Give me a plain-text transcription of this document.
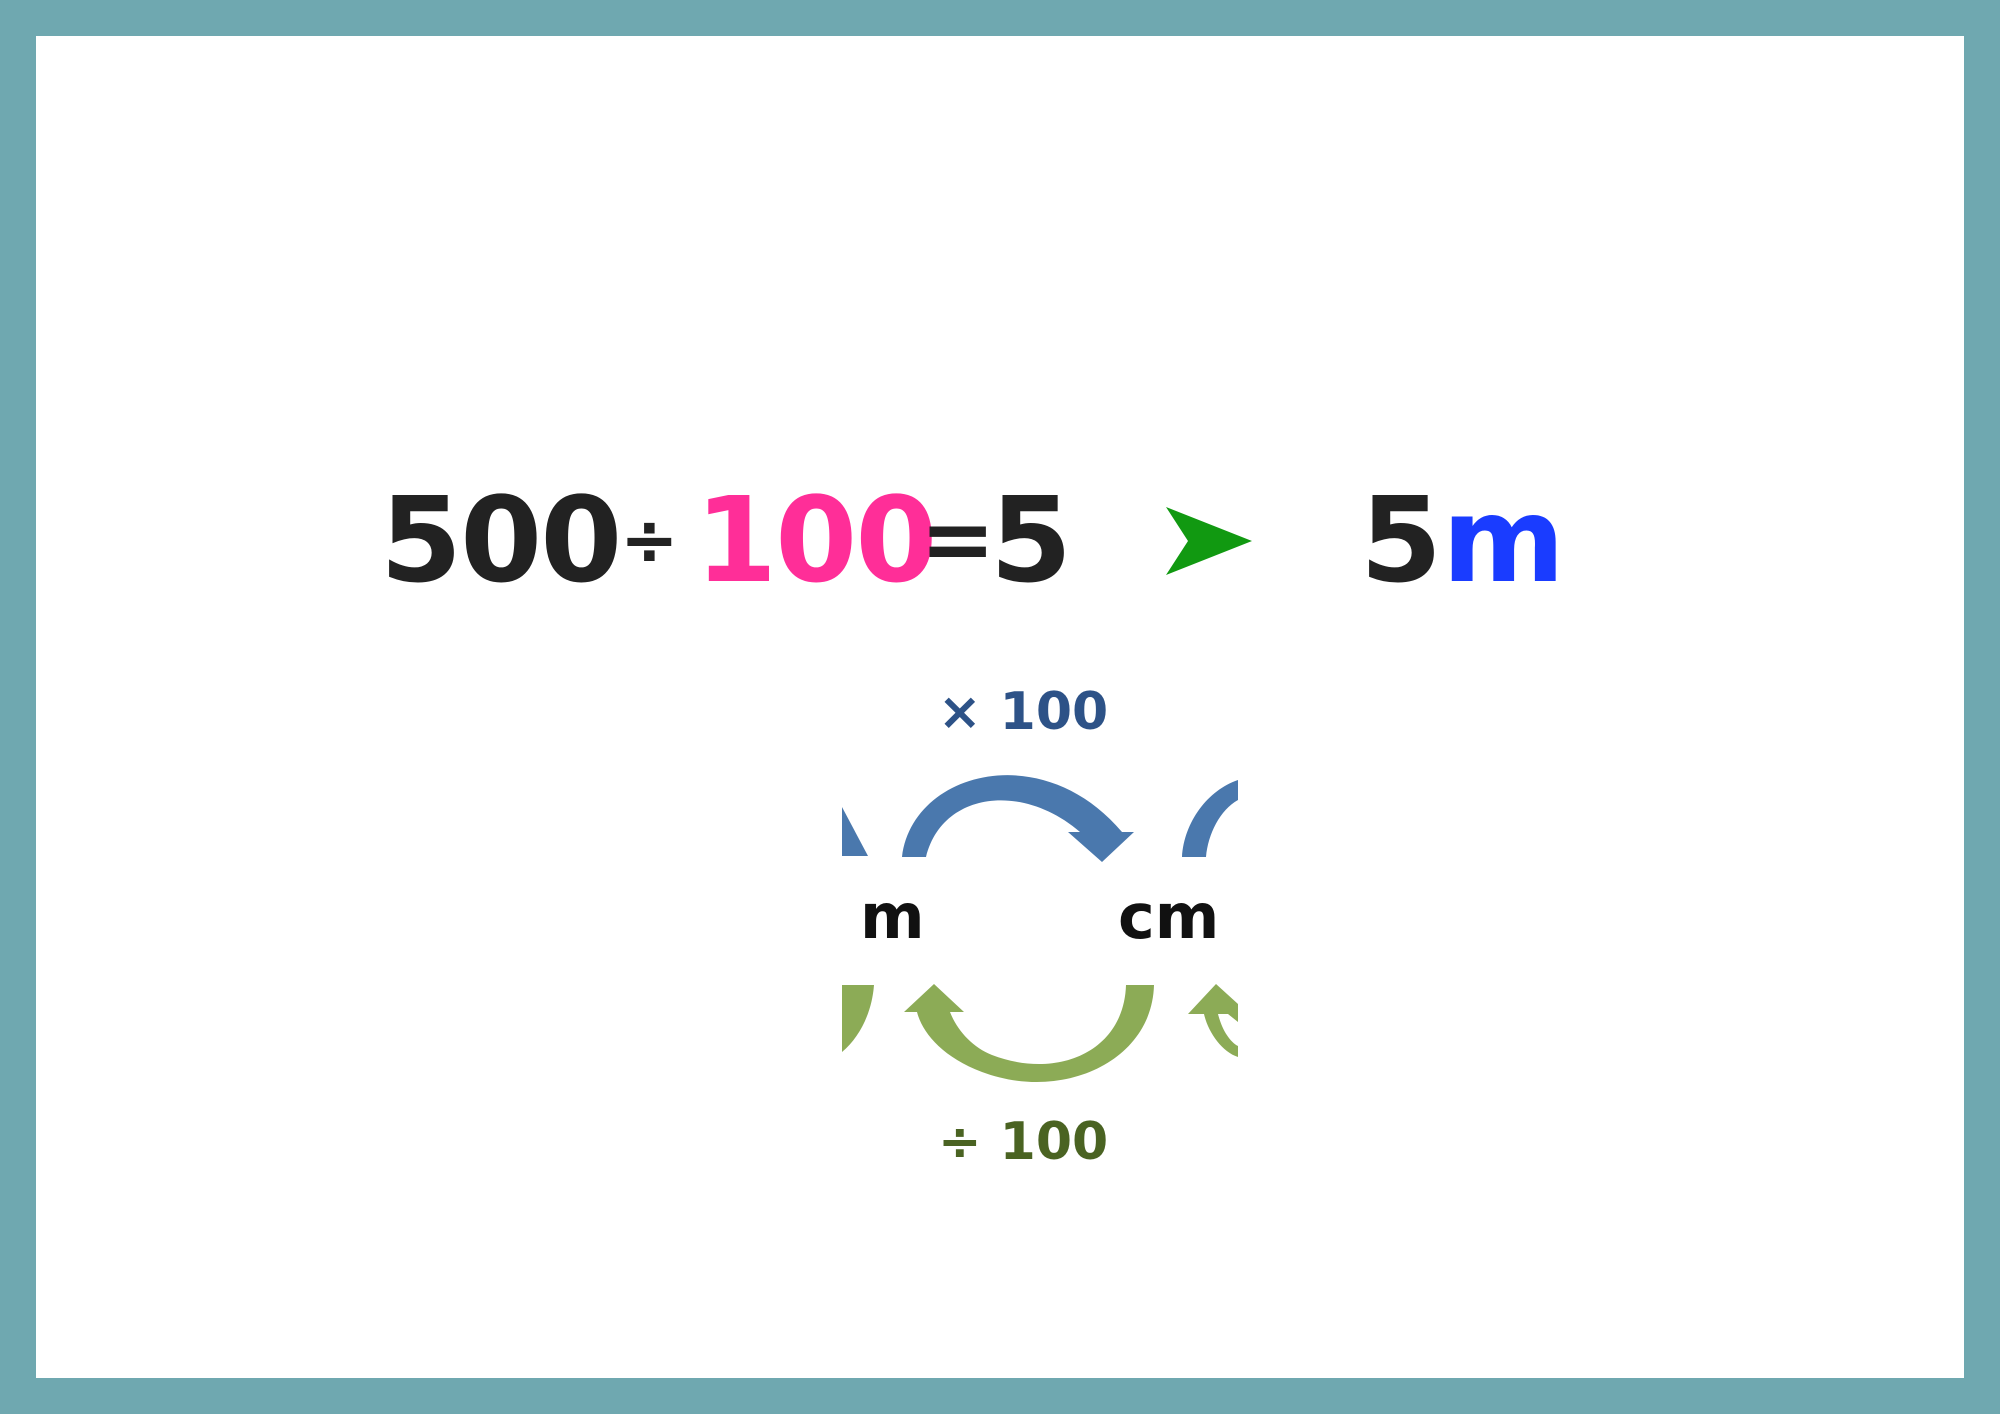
500 ÷ 100
=
5 5 m
× 100
m	cm
÷ 100
